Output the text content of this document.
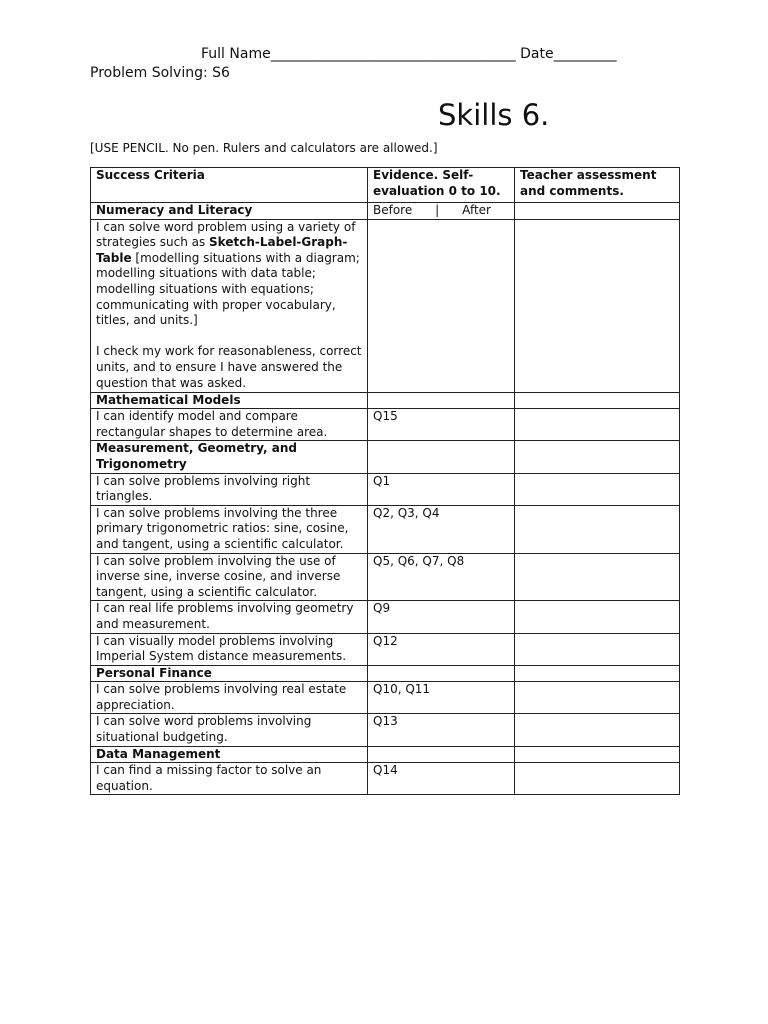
Full Name___________________________________ Date_________
Problem Solving: S6
Skills 6.
[USE PENCIL. No pen. Rulers and calculators are allowed.]
Success Criteria	Evidence. Self-evaluation 0 to 10.	Teacher assessment and comments.
Numeracy and Literacy	Before | After	

I can solve word problem using a variety of strategies such as Sketch-Label-Graph-Table [modelling situations with a diagram; modelling situations with data table; modelling situations with equations; communicating with proper vocabulary, titles, and units.]
I check my work for reasonableness, correct units, and to ensure I have answered the question that was asked.		

Mathematical Models		
I can identify model and compare rectangular shapes to determine area.	Q15	
Measurement, Geometry, and Trigonometry		
I can solve problems involving right triangles.	Q1	
I can solve problems involving the three primary trigonometric ratios: sine, cosine, and tangent, using a scientific calculator.	Q2, Q3, Q4	
I can solve problem involving the use of inverse sine, inverse cosine, and inverse tangent, using a scientific calculator.	Q5, Q6, Q7, Q8	
I can real life problems involving geometry and measurement.	Q9	
I can visually model problems involving Imperial System distance measurements.	Q12	
Personal Finance		
I can solve problems involving real estate appreciation.	Q10, Q11	
I can solve word problems involving situational budgeting.	Q13	
Data Management		
I can find a missing factor to solve an equation.	Q14	
